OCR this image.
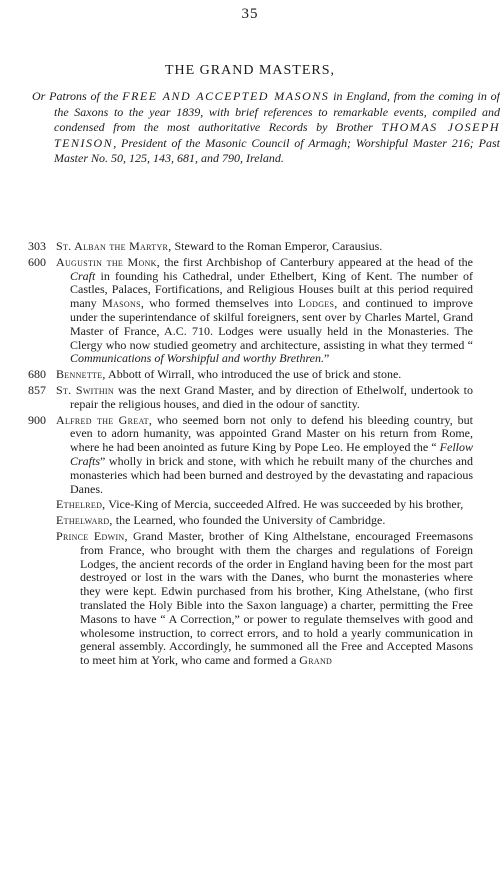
35
THE GRAND MASTERS,
Or Patrons of the FREE AND ACCEPTED MASONS in England, from the coming in of the Saxons to the year 1839, with brief references to remarkable events, compiled and condensed from the most authoritative Records by Brother THOMAS JOSEPH TENISON, President of the Masonic Council of Armagh; Worshipful Master 216; Past Master No. 50, 125, 143, 681, and 790, Ireland.
303 St. Alban the Martyr, Steward to the Roman Emperor, Carausius.
600 Augustin the Monk, the first Archbishop of Canterbury appeared at the head of the Craft in founding his Cathedral, under Ethelbert, King of Kent. The number of Castles, Palaces, Fortifications, and Religious Houses built at this period required many Masons, who formed themselves into Lodges, and continued to improve under the superintendance of skilful foreigners, sent over by Charles Martel, Grand Master of France, A.C. 710. Lodges were usually held in the Monasteries. The Clergy who now studied geometry and architecture, assisting in what they termed “ Communications of Worshipful and worthy Brethren.”
680 Bennette, Abbott of Wirrall, who introduced the use of brick and stone.
857 St. Swithin was the next Grand Master, and by direction of Ethelwolf, undertook to repair the religious houses, and died in the odour of sanctity.
900 Alfred the Great, who seemed born not only to defend his bleeding country, but even to adorn humanity, was appointed Grand Master on his return from Rome, where he had been anointed as future King by Pope Leo. He employed the “ Fellow Crafts” wholly in brick and stone, with which he rebuilt many of the churches and monasteries which had been burned and destroyed by the devastating and rapacious Danes.
Ethelred, Vice-King of Mercia, succeeded Alfred. He was succeeded by his brother,
Ethelward, the Learned, who founded the University of Cambridge.
Prince Edwin, Grand Master, brother of King Althelstane, encouraged Freemasons from France, who brought with them the charges and regulations of Foreign Lodges, the ancient records of the order in England having been for the most part destroyed or lost in the wars with the Danes, who burnt the monasteries where they were kept. Edwin purchased from his brother, King Athelstane, (who first translated the Holy Bible into the Saxon language) a charter, permitting the Free Masons to have “ A Correction,” or power to regulate themselves with good and wholesome instruction, to correct errors, and to hold a yearly communication in general assembly. Accordingly, he summoned all the Free and Accepted Masons to meet him at York, who came and formed a Grand
